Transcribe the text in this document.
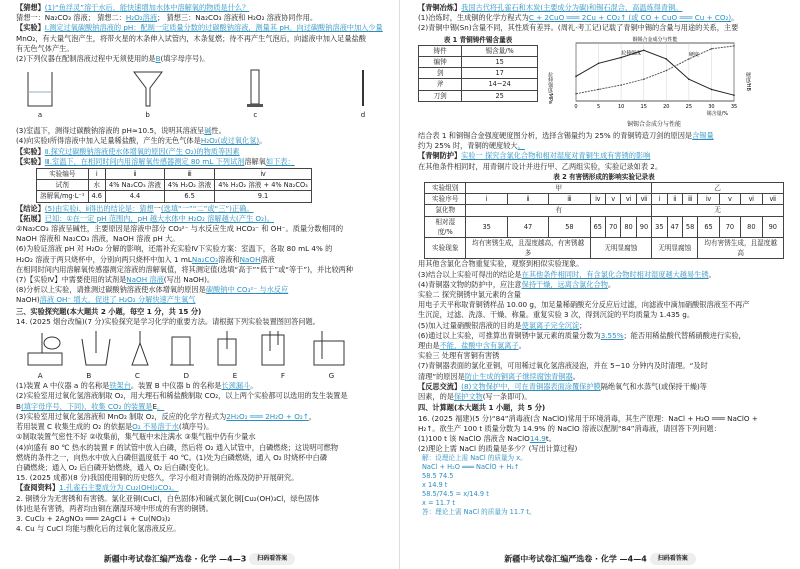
【猜想】(1)“鱼浮灵”溶于水后，能快速增加水体中溶解氧的物质是什么？
猜想一：Na₂CO₃ 溶液； 猜想二：H₂O₂溶液； 猜想三：Na₂CO₃ 溶液和 H₂O₂ 溶液协同作用。
【实验】Ⅰ.测定过氧碳酸钠溶液的 pH：配制一定质量分数的过碳酸钠溶液，测量其 pH。向过碳酸钠溶液中加入少量
MnO₂，有大量气泡产生，将带火星的木条伸入试管内，木条复燃；待不再产生气泡后，向滤液中加入足量盐酸
有无色气体产生。
(2)下列仪器在配制溶液过程中无须使用的是B(填字母序号)。
a	b	c	d
(3)室温下，测得过碳酸钠溶液的 pH≈10.5，说明其溶液呈碱性。
(4)向实验Ⅰ所得溶液中加入足量稀盐酸，产生的无色气体是H₂O₂(或过氧化氢)。
【实验】Ⅱ.探究过碳酸钠溶液使水体增氧的原因(产生 O₂)的物质等因素
【实验】Ⅲ.室温下，在相同时间内用溶解氧传感器测定 80 mL 下列试剂溶解氧如下表：
实验编号	ⅰ	ⅱ	ⅲ	ⅳ
试剂	水	4% Na₂CO₃ 溶液	4% H₂O₂ 溶液	4% H₂O₂ 溶液 + 4% Na₂CO₃
溶解氧/mg·L⁻¹	4.6	4.4	6.5	9.1
【结论】(5)由实验ⅰ、ⅱ得出的结论是：猜想一(选填“一”“二”或“三”)正确。
【拓展】已知：①在一定 pH 范围内，pH 越大水体中 H₂O₂ 溶解越大(产生 O₂)。
②Na₂CO₃ 溶液呈碱性，主要原因是溶液中部分 CO₃²⁻ 与水反应生成 HCO₃⁻ 和 OH⁻。质量分数相同的
NaOH 溶液和 Na₂CO₃ 溶液，NaOH 溶液 pH 大。
(6)为验证溶液 pH 对 H₂O₂ 分解的影响，还需补充实验Ⅳ下实验方案：室温下，各取 80 mL 4% 的
H₂O₂ 溶液于两只烧杯中，分别向两只烧杯中加入 1 mLNa₂CO₃溶液和NaOH溶液
在相同时间内用溶解氧传感器测定溶液的溶解氧值，将其测定值(选填“高于”“低于”或“等于”)，并比较两种
(7)【实验Ⅳ】中需要使用的试剂是NaOH 溶液(写出 NaOH)。
(8)分析以上实验，请推测过碳酸钠溶液使水体增氧的原因是碳酸钠中 CO₃²⁻ 与水反应
NaOH)溶液 OH⁻ 增大，促进了 H₂O₂ 分解快速产生氧气
三、实验探究题(本大题共 2 小题，每空 1 分，共 15 分)
14. (2025 烟台改编)(7 分)实验探究是学习化学的重要方法。请根据下列实验装置图回答问题。
A	B	C	D	E	F	G
(1)装置 A 中仪器 a 的名称是铁架台。装置 B 中仪器 b 的名称是长颈漏斗。
(2)实验室用过氧化氢溶液制取 O₂，用大理石和稀盐酸制取 CO₂，以上两个实验都可以选用的发生装置是
B(填字母序号，下同)，收集 CO₂ 的装置是E。
(3)实验室用过氧化氢溶液和 MnO₂ 制取 O₂，反应的化学方程式为2H₂O₂ ═══ 2H₂O + O₂↑，
若用装置 C 收集生成的 O₂ 的依据是O₂ 不易溶于水(填序号)。
①制取装置气密性不好 ②收集前，集气瓶中未注满水 ③集气瓶中仍有少量水
(4)向盛有 80 ℃ 热水的装置 F 的试管中放入白磷，然后将 O₂ 通入试管中，白磷燃烧；这说明可燃物
燃烧的条件之一，向热水中放入白磷但温度低于 40 ℃。(1)处为白磷燃烧，通入 O₂ 时烧杯中白磷
白磷燃烧；通入 O₂ 后白磷开始燃烧，通入 O₂ 后白磷(变化)。
15. (2025 成都)(8 分)我国使用铜的历史悠久，学习小组对青铜的冶炼及防护开展研究。
【查阅资料】1.孔雀石主要成分为 Cu₂(OH)₂CO₃。
2. 铜锈分为无害锈和有害锈。氯化亚铜(CuCl，白色固体)和碱式氯化铜[Cu₂(OH)₃Cl，绿色固体
体]也是有害锈，两者均由铜在潮湿环境中形成的有害的铜锈。
3. CuCl₂ + 2AgNO₃ ═══ 2AgCl↓ + Cu(NO₃)₂
4. Cu 与 CuCl 均能与酸化后的过氧化氢溶液反应。
新疆中考试卷汇编严选卷 · 化学 —4—3 扫码看答案
【青铜冶炼】我国古代将孔雀石和木炭(主要成分为碳)和锡石混合，高温炼得青铜。
(1)冶炼时，生成铜的化学方程式为C + 2CuO ═══ 2Cu + CO₂↑ (或 CO + CuO ═══ Cu + CO₂)。
(2)青铜中锡(Sn)含量不同，其性质有差异。(周礼·考工记)记载了青铜中锡的含量与用途的关系，主要
表 1 青铜铸件锡含量表
铸件	锡含量/%
编钟	15
剑	17
斧	14~24
刀剑	25
0	5	10	15	20	25	30	35
拉伸强度	硬度
拉伸强度/MPa	硬度/HB
锡含量/%
铜锡合金成分与性能
铜锡合金成分与性能
结合表 1 和铜锡合金强度硬度图分析，选择含锡量约为 25% 的青铜铸造刀剑的原因是含锡量
约为 25% 时，青铜的硬度较大。
【青铜防护】实验一 探究含氯化合物和相对湿度对青铜生成有害锈的影响
在其他条件相同时，用青铜片设计并进行甲、乙两组实验，实验记录如表 2。
表 2 有害锈形成的影响实验记录表
实验组别	甲							乙						
实验序号	ⅰ	ⅱ	ⅲ	ⅳ	ⅴ	ⅵ	ⅶ	ⅰ	ⅱ	ⅲ	ⅳ	ⅴ	ⅵ	ⅶ
氯化物	有							无						
相对湿度/%	35	47	58	65	70	80	90	35	47	58	65	70	80	90
实验现象	均有害锈生成，且湿度越高，有害锈越多			无明显腐蚀				无明显腐蚀			均有害锈生成，且湿度越高			
用其他含氯化合物重复实验，观察到相似实验现象。
(3)结合以上实验可得出的结论是在其他条件相同时，有含氯化合物时相对湿度越大越易生锈。
(4)青铜器文物的防护中，应注意保持干燥，远离含氯化合物。
实验二 探究铜锈中氯元素的含量
用电子天平称取青铜锈样品 10.00 g，加足量稀硝酸充分反应后过滤，向滤液中滴加硝酸银溶液至不再产
生沉淀，过滤、洗涤、干燥、称量。重复实验 3 次，得到沉淀的平均质量为 1.435 g。
(5)加入过量硝酸银溶液的目的是使氯离子完全沉淀；
(6)通过以上实验，可推算出青铜锈中氯元素的质量分数为3.55%；能否用稀盐酸代替稀硝酸进行实验，
理由是不能，盐酸中含有氯离子。
实验三 处理有害铜有害锈
(7)青铜器表面的氯化亚铜，可用稀过氧化氢溶液浸泡，并在 5~10 分钟内及时清理。“及时
清理”的原因是防止生成的铜离子继续腐蚀青铜器。
【反思交流】(8)文物保护中，可在青铜器表面涂覆保护膜隔绝氧气和水蒸气(或保持干燥)等
因素，的是保护文物(写一条即可)。
四、计算题(本大题共 1 小题，共 5 分)
16. (2025 福建)(5 分)“84”消毒液(含 NaClO)常用于环境消毒，其生产原理：NaCl + H₂O ═══ NaClO +
H₂↑。欲生产 100 t 质量分数为 14.9% 的 NaClO 溶液以配制“84”消毒液，请回答下列问题：
(1)100 t 该 NaClO 溶液含 NaClO14.9t。
(2)理论上需 NaCl 的质量是多少？(写出计算过程)
解：设理论上需 NaCl 的质量为 x。
NaCl + H₂O ═══ NaClO + H₂↑
58.5 74.5
x 14.9 t
58.5/74.5 = x/14.9 t
x = 11.7 t
答：理论上需 NaCl 的质量为 11.7 t。
新疆中考试卷汇编严选卷 · 化学 —4—4 扫码看答案
